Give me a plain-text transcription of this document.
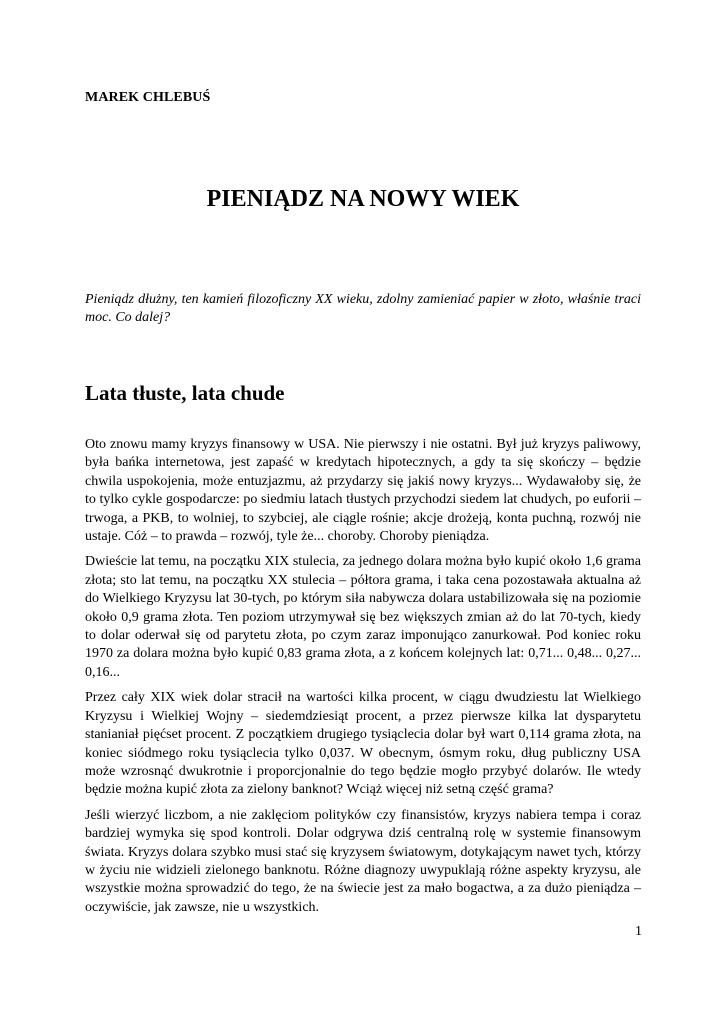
MAREK CHLEBUŚ

PIENIĄDZ NA NOWY WIEK

Pieniądz dłużny, ten kamień filozoficzny XX wieku, zdolny zamieniać papier w złoto, właśnie traci moc. Co dalej?

Lata tłuste, lata chude

Oto znowu mamy kryzys finansowy w USA. Nie pierwszy i nie ostatni. Był już kryzys paliwowy, była bańka internetowa, jest zapaść w kredytach hipotecznych, a gdy ta się skończy – będzie chwila uspokojenia, może entuzjazmu, aż przydarzy się jakiś nowy kryzys... Wydawałoby się, że to tylko cykle gospodarcze: po siedmiu latach tłustych przychodzi siedem lat chudych, po euforii – trwoga, a PKB, to wolniej, to szybciej, ale ciągle rośnie; akcje drożeją, konta puchną, rozwój nie ustaje. Cóż – to prawda – rozwój, tyle że... choroby. Choroby pieniądza.

Dwieście lat temu, na początku XIX stulecia, za jednego dolara można było kupić około 1,6 grama złota; sto lat temu, na początku XX stulecia – półtora grama, i taka cena pozostawała aktualna aż do Wielkiego Kryzysu lat 30-tych, po którym siła nabywcza dolara ustabilizowała się na poziomie około 0,9 grama złota. Ten poziom utrzymywał się bez większych zmian aż do lat 70-tych, kiedy to dolar oderwał się od parytetu złota, po czym zaraz imponująco zanurkował. Pod koniec roku 1970 za dolara można było kupić 0,83 grama złota, a z końcem kolejnych lat: 0,71... 0,48... 0,27... 0,16...

Przez cały XIX wiek dolar stracił na wartości kilka procent, w ciągu dwudziestu lat Wielkiego Kryzysu i Wielkiej Wojny – siedemdziesiąt procent, a przez pierwsze kilka lat dysparytetu stanianiał pięćset procent. Z początkiem drugiego tysiąclecia dolar był wart 0,114 grama złota, na koniec siódmego roku tysiąclecia tylko 0,037. W obecnym, ósmym roku, dług publiczny USA może wzrosnąć dwukrotnie i proporcjonalnie do tego będzie mogło przybyć dolarów. Ile wtedy będzie można kupić złota za zielony banknot? Wciąż więcej niż setną część grama?

Jeśli wierzyć liczbom, a nie zaklęciom polityków czy finansistów, kryzys nabiera tempa i coraz bardziej wymyka się spod kontroli. Dolar odgrywa dziś centralną rolę w systemie finansowym świata. Kryzys dolara szybko musi stać się kryzysem światowym, dotykającym nawet tych, którzy w życiu nie widzieli zielonego banknotu. Różne diagnozy uwypuklają różne aspekty kryzysu, ale wszystkie można sprowadzić do tego, że na świecie jest za mało bogactwa, a za dużo pieniądza – oczywiście, jak zawsze, nie u wszystkich.

1
